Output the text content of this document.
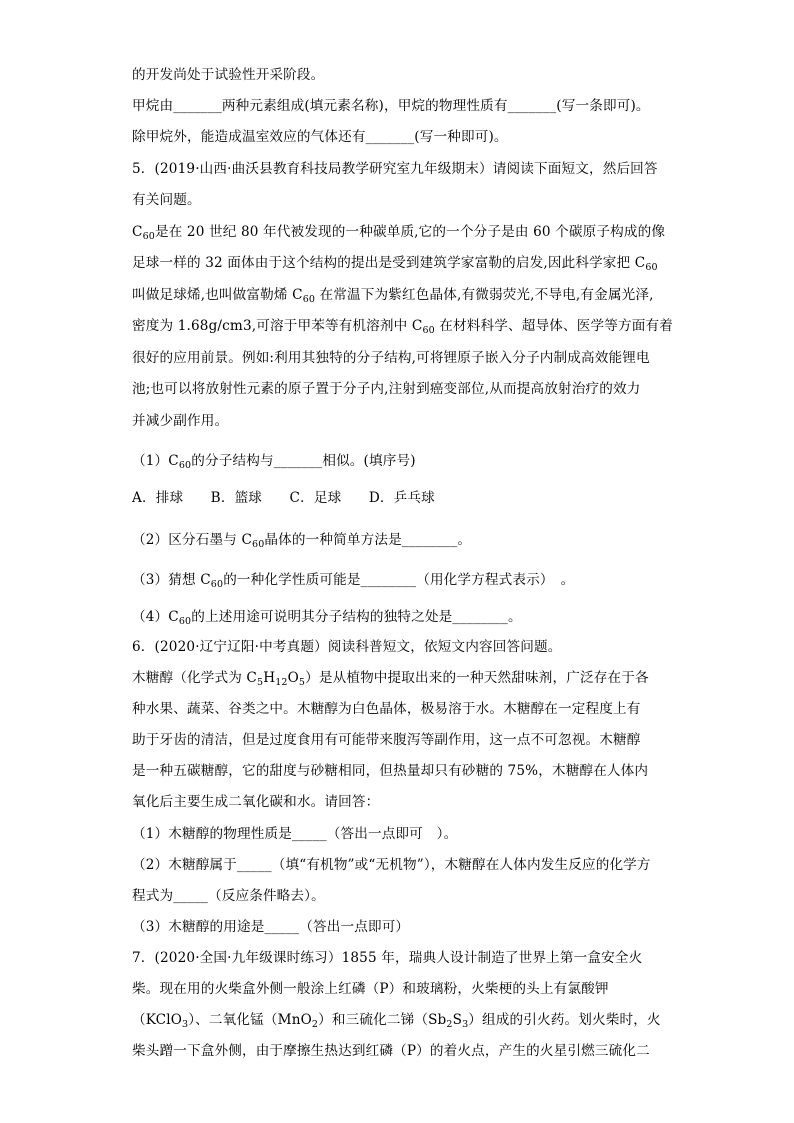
的开发尚处于试验性开采阶段。
甲烷由_______两种元素组成(填元素名称)，甲烷的物理性质有_______(写一条即可)。
除甲烷外，能造成温室效应的气体还有_______(写一种即可)。
5．(2019·山西·曲沃县教育科技局教学研究室九年级期末）请阅读下面短文，然后回答
有关问题。
$C_{60}$是在 20 世纪 80 年代被发现的一种碳单质,它的一个分子是由 60 个碳原子构成的像
足球一样的 32 面体由于这个结构的提出是受到建筑学家富勒的启发,因此科学家把 $C_{60}$
叫做足球烯,也叫做富勒烯 $C_{60}$ 在常温下为紫红色晶体,有微弱荧光,不导电,有金属光泽,
密度为 1.68g/cm3,可溶于甲苯等有机溶剂中 $C_{60}$ 在材料科学、超导体、医学等方面有着
很好的应用前景。例如:利用其独特的分子结构,可将锂原子嵌入分子内制成高效能锂电
池;也可以将放射性元素的原子置于分子内,注射到癌变部位,从而提高放射治疗的效力
并减少副作用。
$(1)C_{60}$的分子结构与_______相似。(填序号)
A．排球　　B．篮球　　C．足球　　D．乒乓球
（2）区分石墨与 $C_{60}$晶体的一种简单方法是________。
（3）猜想 $C_{60}$的一种化学性质可能是________（用化学方程式表示）　。
$(4)C_{60}$的上述用途可说明其分子结构的独特之处是________。
6．(2020·辽宁辽阳·中考真题）阅读科普短文，依短文内容回答问题。
木糖醇（化学式为 $C_5H_{12}O_5$）是从植物中提取出来的一种天然甜味剂，广泛存在于各
种水果、蔬菜、谷类之中。木糖醇为白色晶体，极易溶于水。木糖醇在一定程度上有
助于牙齿的清洁，但是过度食用有可能带来腹泻等副作用，这一点不可忽视。木糖醇
是一种五碳糖醇，它的甜度与砂糖相同，但热量却只有砂糖的 75%，木糖醇在人体内
氧化后主要生成二氧化碳和水。请回答：
（1）木糖醇的物理性质是_____（答出一点即可　）。
（2）木糖醇属于_____（填“有机物”或“无机物”），木糖醇在人体内发生反应的化学方
程式为_____（反应条件略去）。
（3）木糖醇的用途是_____（答出一点即可）
7．(2020·全国·九年级课时练习）1855 年，瑞典人设计制造了世界上第一盒安全火
柴。现在用的火柴盒外侧一般涂上红磷（P）和玻璃粉，火柴梗的头上有氯酸钾
（KClO$_3$）、二氧化锰（MnO$_2$）和三硫化二锑$(Sb_2S_3)$组成的引火药。划火柴时，火
柴头蹭一下盒外侧，由于摩擦生热达到红磷（P）的着火点，产生的火星引燃三硫化二
